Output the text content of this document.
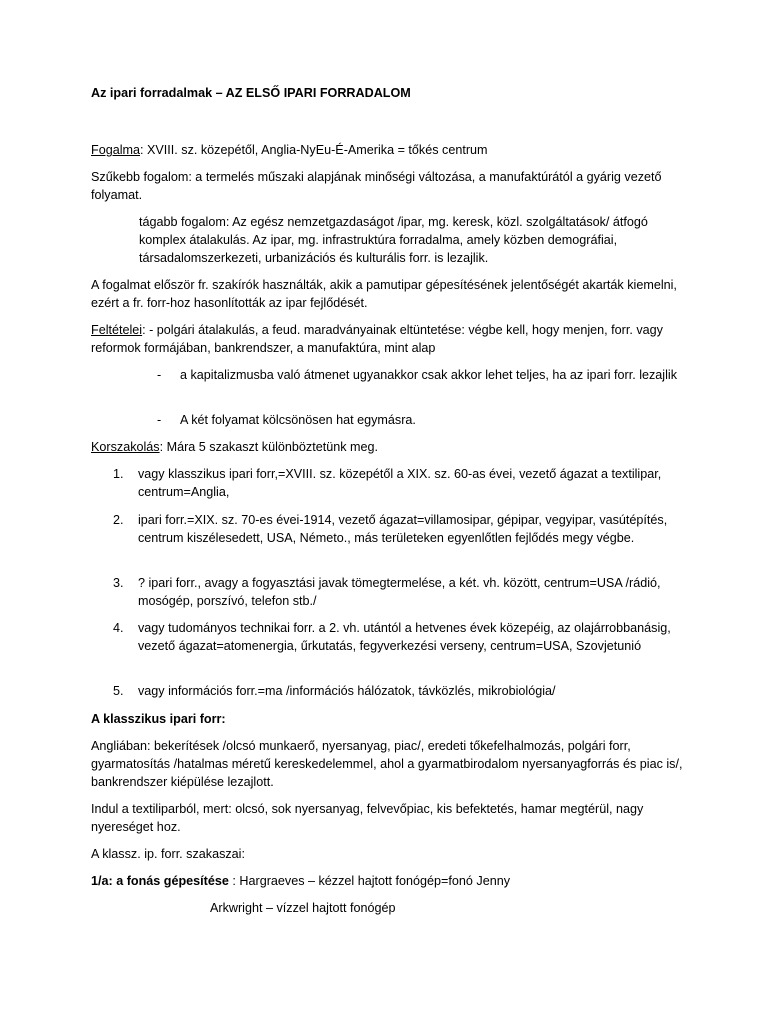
Az ipari forradalmak – AZ ELSŐ IPARI FORRADALOM
Fogalma: XVIII. sz. közepétől, Anglia-NyEu-É-Amerika = tőkés centrum
Szűkebb fogalom: a termelés műszaki alapjának minőségi változása, a manufaktúrától a gyárig vezető folyamat.
tágabb fogalom: Az egész nemzetgazdaságot /ipar, mg. keresk, közl. szolgáltatások/ átfogó komplex átalakulás. Az ipar, mg. infrastruktúra forradalma, amely közben demográfiai, társadalomszerkezeti, urbanizációs és kulturális forr. is lezajlik.
A fogalmat először fr. szakírók használták, akik a pamutipar gépesítésének jelentőségét akarták kiemelni, ezért a fr. forr-hoz hasonlították az ipar fejlődését.
Feltételei: - polgári átalakulás, a feud. maradványainak eltüntetése: végbe kell, hogy menjen, forr. vagy reformok formájában, bankrendszer, a manufaktúra, mint alap
- a kapitalizmusba való átmenet ugyanakkor csak akkor lehet teljes, ha az ipari forr. lezajlik
- A két folyamat kölcsönösen hat egymásra.
Korszakolás: Mára 5 szakaszt különböztetünk meg.
1. vagy klasszikus ipari forr,=XVIII. sz. közepétől a XIX. sz. 60-as évei, vezető ágazat a textilipar, centrum=Anglia,
2. ipari forr.=XIX. sz. 70-es évei-1914, vezető ágazat=villamosipar, gépipar, vegyipar, vasútépítés, centrum kiszélesedett, USA, Németo., más területeken egyenlőtlen fejlődés megy végbe.
3. ? ipari forr., avagy a fogyasztási javak tömegtermelése, a két. vh. között, centrum=USA /rádió, mosógép, porszívó, telefon stb./
4. vagy tudományos technikai forr. a 2. vh. utántól a hetvenes évek közepéig, az olajárrobbanásig, vezető ágazat=atomenergia, űrkutatás, fegyverkezési verseny, centrum=USA, Szovjetunió
5. vagy információs forr.=ma /információs hálózatok, távközlés, mikrobiológia/
A klasszikus ipari forr:
Angliában: bekerítések /olcsó munkaerő, nyersanyag, piac/, eredeti tőkefelhalmozás, polgári forr, gyarmatosítás /hatalmas méretű kereskedelemmel, ahol a gyarmatbirodalom nyersanyagforrás és piac is/, bankrendszer kiépülése lezajlott.
Indul a textiliparból, mert: olcsó, sok nyersanyag, felvevőpiac, kis befektetés, hamar megtérül, nagy nyereséget hoz.
A klassz. ip. forr. szakaszai:
1/a: a fonás gépesítése : Hargraeves – kézzel hajtott fonógép=fonó Jenny
Arkwright – vízzel hajtott fonógép
